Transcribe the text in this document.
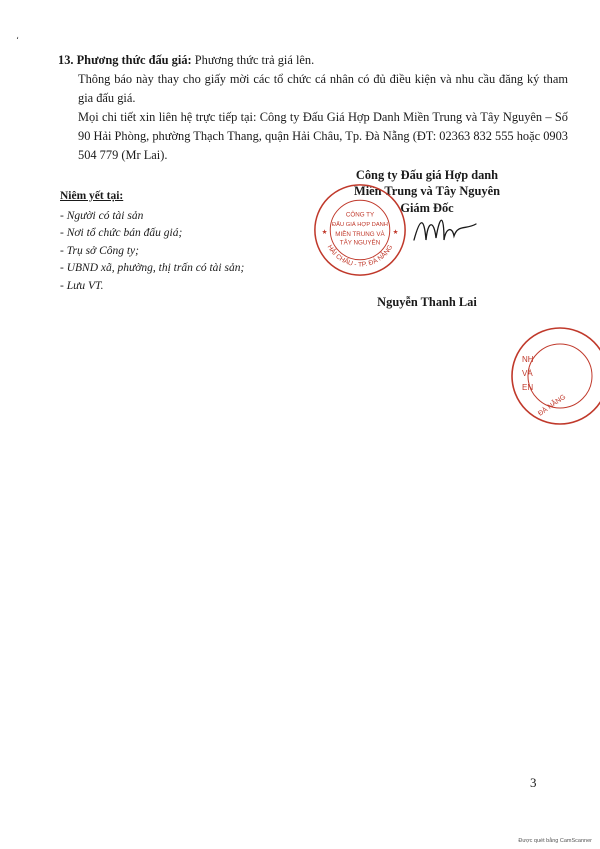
،
13. Phương thức đấu giá: Phương thức trả giá lên.
Thông báo này thay cho giấy mời các tổ chức cá nhân có đủ điều kiện và nhu cầu đăng ký tham gia đấu giá.
Mọi chi tiết xin liên hệ trực tiếp tại: Công ty Đấu Giá Hợp Danh Miền Trung và Tây Nguyên – Số 90 Hải Phòng, phường Thạch Thang, quận Hải Châu, Tp. Đà Nẵng (ĐT: 02363 832 555 hoặc 0903 504 779 (Mr Lai).
Công ty Đấu giá Hợp danh
Miền Trung và Tây Nguyên
Giám Đốc
HẢI CHÂU - TP. ĐÀ NẴNG
CÔNG TY
ĐẤU GIÁ HỢP DANH
MIỀN TRUNG VÀ
TÂY NGUYÊN
★	★
Nguyễn Thanh Lai
Niêm yết tại:
- Người có tài sản
- Nơi tổ chức bán đấu giá;
- Trụ sở Công ty;
- UBND xã, phường, thị trấn có tài sản;
- Lưu VT.
NH
VÀ
EN
ĐÀ NẴNG
3
Được quét bằng CamScanner
